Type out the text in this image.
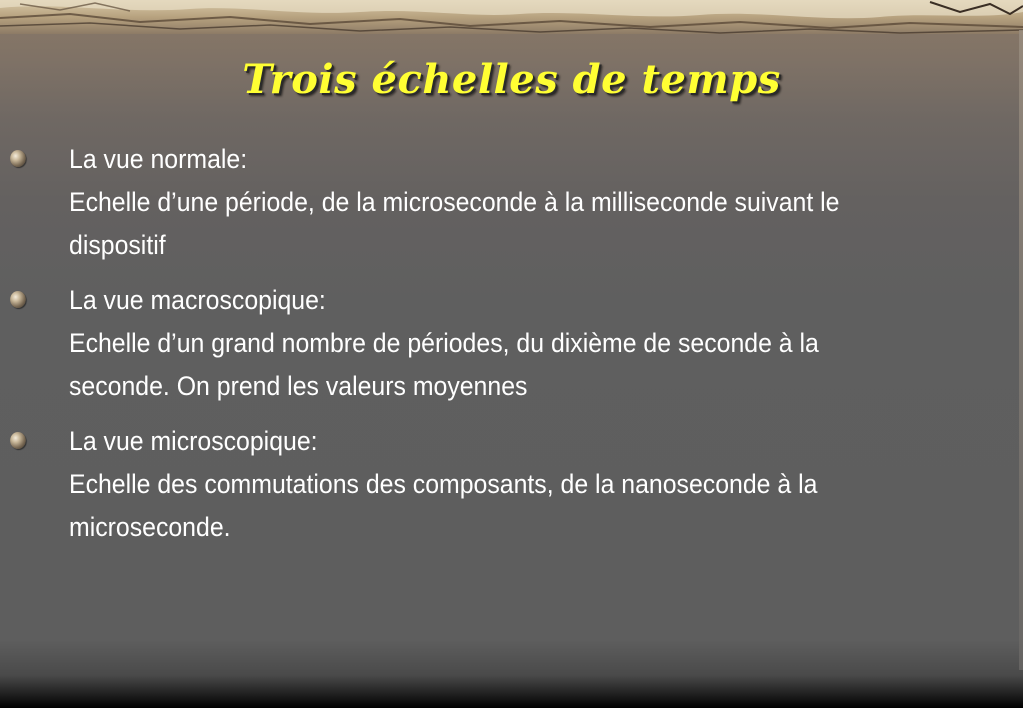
Trois échelles de temps
La vue normale:
Echelle d’une période, de la microseconde à la milliseconde suivant le dispositif
La vue macroscopique:
Echelle d’un grand nombre de périodes, du dixième de seconde à la seconde. On prend les valeurs moyennes
La vue microscopique:
Echelle des commutations des composants, de la nanoseconde à la microseconde.
